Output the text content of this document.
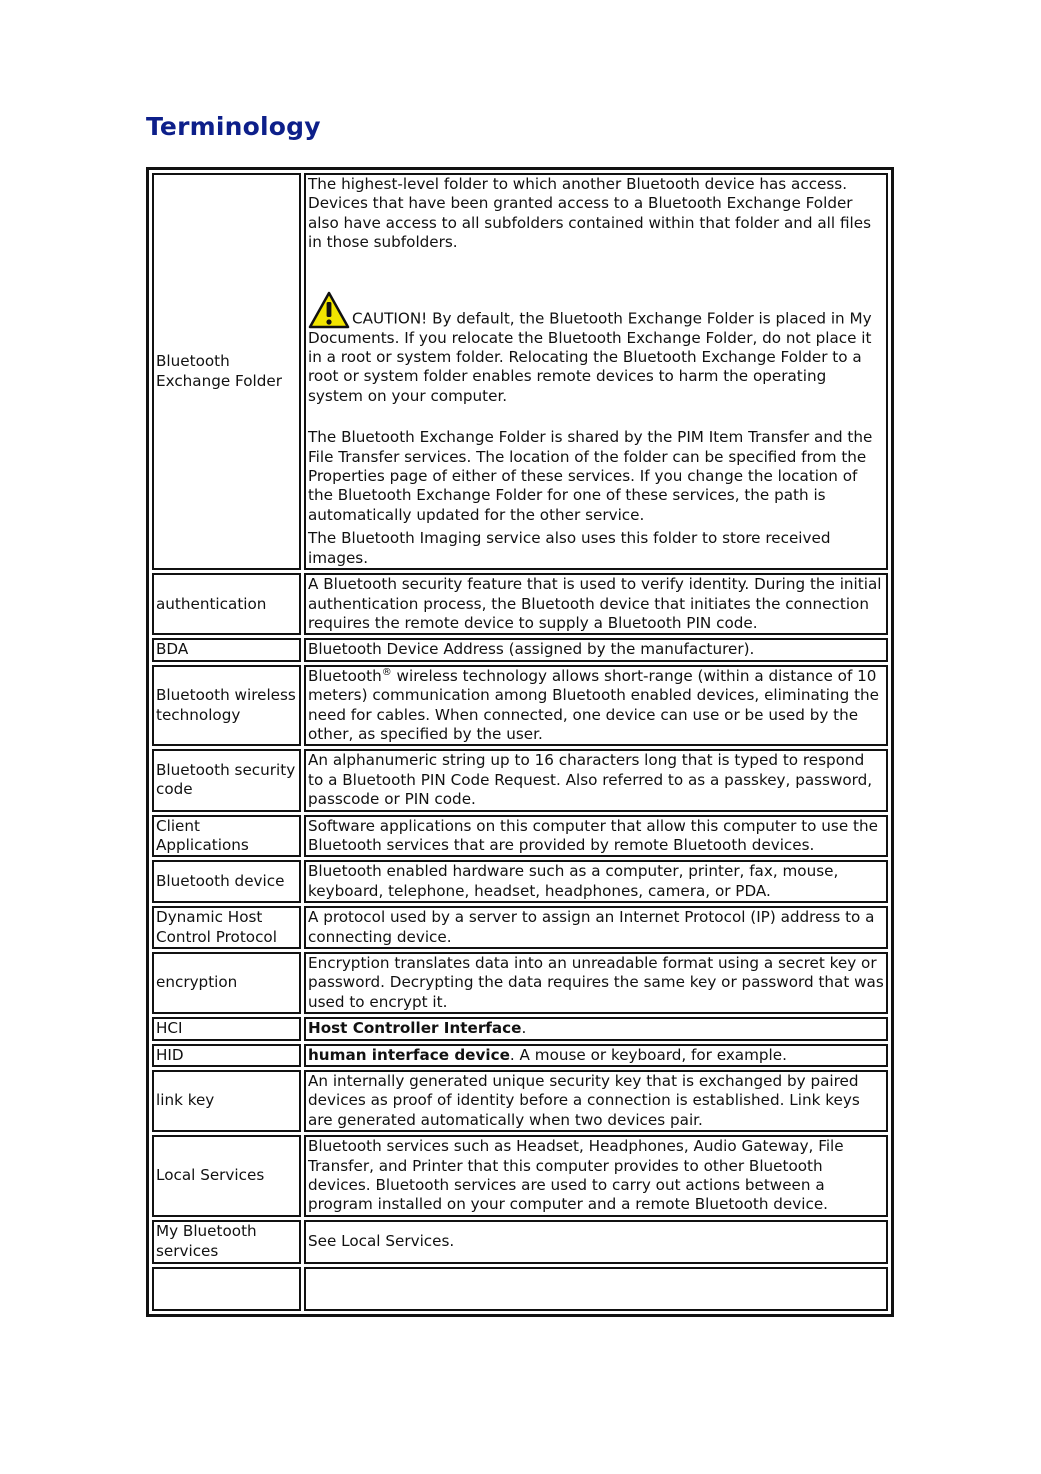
Terminology
Bluetooth Exchange Folder	The highest-level folder to which another Bluetooth device has access. Devices that have been granted access to a Bluetooth Exchange Folder also have access to all subfolders contained within that folder and all files in those subfolders.

CAUTION! By default, the Bluetooth Exchange Folder is placed in My Documents. If you relocate the Bluetooth Exchange Folder, do not place it in a root or system folder. Relocating the Bluetooth Exchange Folder to a root or system folder enables remote devices to harm the operating system on your computer.

The Bluetooth Exchange Folder is shared by the PIM Item Transfer and the File Transfer services. The location of the folder can be specified from the Properties page of either of these services. If you change the location of the Bluetooth Exchange Folder for one of these services, the path is automatically updated for the other service.

The Bluetooth Imaging service also uses this folder to store received images.

authentication	A Bluetooth security feature that is used to verify identity. During the initial authentication process, the Bluetooth device that initiates the connection requires the remote device to supply a Bluetooth PIN code.
BDA	Bluetooth Device Address (assigned by the manufacturer).
Bluetooth wireless technology	Bluetooth® wireless technology allows short-range (within a distance of 10 meters) communication among Bluetooth enabled devices, eliminating the need for cables. When connected, one device can use or be used by the other, as specified by the user.
Bluetooth security code	An alphanumeric string up to 16 characters long that is typed to respond to a Bluetooth PIN Code Request. Also referred to as a passkey, password, passcode or PIN code.
Client Applications	Software applications on this computer that allow this computer to use the Bluetooth services that are provided by remote Bluetooth devices.
Bluetooth device	Bluetooth enabled hardware such as a computer, printer, fax, mouse, keyboard, telephone, headset, headphones, camera, or PDA.
Dynamic Host Control Protocol	A protocol used by a server to assign an Internet Protocol (IP) address to a connecting device.
encryption	Encryption translates data into an unreadable format using a secret key or password. Decrypting the data requires the same key or password that was used to encrypt it.
HCI	Host Controller Interface.
HID	human interface device. A mouse or keyboard, for example.
link key	An internally generated unique security key that is exchanged by paired devices as proof of identity before a connection is established. Link keys are generated automatically when two devices pair.
Local Services	Bluetooth services such as Headset, Headphones, Audio Gateway, File Transfer, and Printer that this computer provides to other Bluetooth devices. Bluetooth services are used to carry out actions between a program installed on your computer and a remote Bluetooth device.
My Bluetooth services	See Local Services.
